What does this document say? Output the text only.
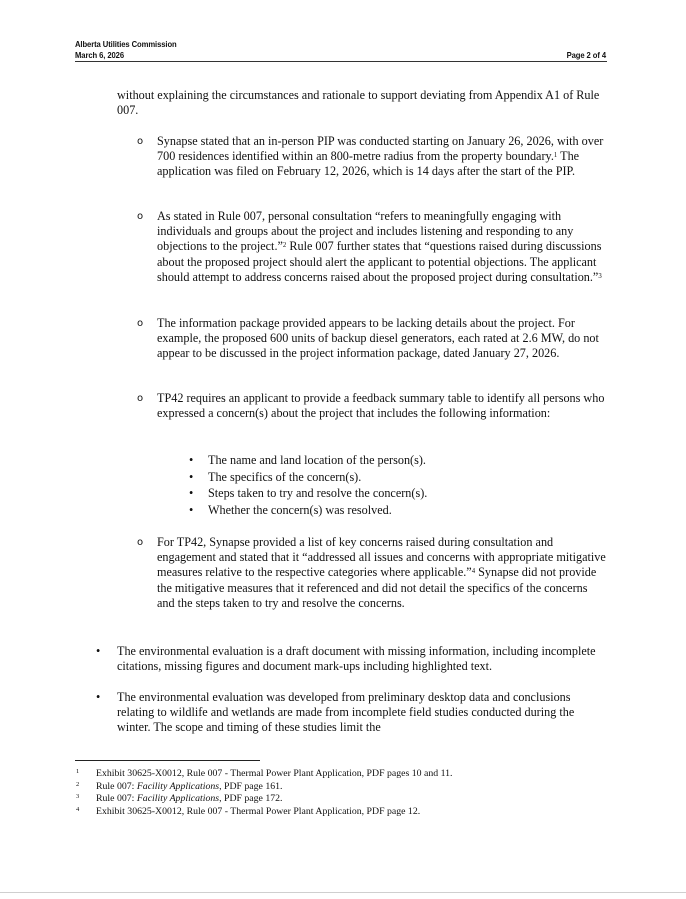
Alberta Utilities Commission
March 6, 2026	Page 2 of 4
without explaining the circumstances and rationale to support deviating from Appendix A1 of Rule 007.
o Synapse stated that an in-person PIP was conducted starting on January 26, 2026, with over 700 residences identified within an 800-metre radius from the property boundary.$^1$ The application was filed on February 12, 2026, which is 14 days after the start of the PIP.
o As stated in Rule 007, personal consultation “refers to meaningfully engaging with individuals and groups about the project and includes listening and responding to any objections to the project.”$^2$ Rule 007 further states that “questions raised during discussions about the proposed project should alert the applicant to potential objections. The applicant should attempt to address concerns raised about the proposed project during consultation.”$^3$
o The information package provided appears to be lacking details about the project. For example, the proposed 600 units of backup diesel generators, each rated at 2.6 MW, do not appear to be discussed in the project information package, dated January 27, 2026.
o TP42 requires an applicant to provide a feedback summary table to identify all persons who expressed a concern(s) about the project that includes the following information:
• The name and land location of the person(s).
• The specifics of the concern(s).
• Steps taken to try and resolve the concern(s).
• Whether the concern(s) was resolved.
o For TP42, Synapse provided a list of key concerns raised during consultation and engagement and stated that it “addressed all issues and concerns with appropriate mitigative measures relative to the respective categories where applicable.”$^4$ Synapse did not provide the mitigative measures that it referenced and did not detail the specifics of the concerns and the steps taken to try and resolve the concerns.
• The environmental evaluation is a draft document with missing information, including incomplete citations, missing figures and document mark-ups including highlighted text.
• The environmental evaluation was developed from preliminary desktop data and conclusions relating to wildlife and wetlands are made from incomplete field studies conducted during the winter. The scope and timing of these studies limit the
1 Exhibit 30625-X0012, Rule 007 - Thermal Power Plant Application, PDF pages 10 and 11.
2 Rule 007: Facility Applications, PDF page 161.
3 Rule 007: Facility Applications, PDF page 172.
4 Exhibit 30625-X0012, Rule 007 - Thermal Power Plant Application, PDF page 12.
